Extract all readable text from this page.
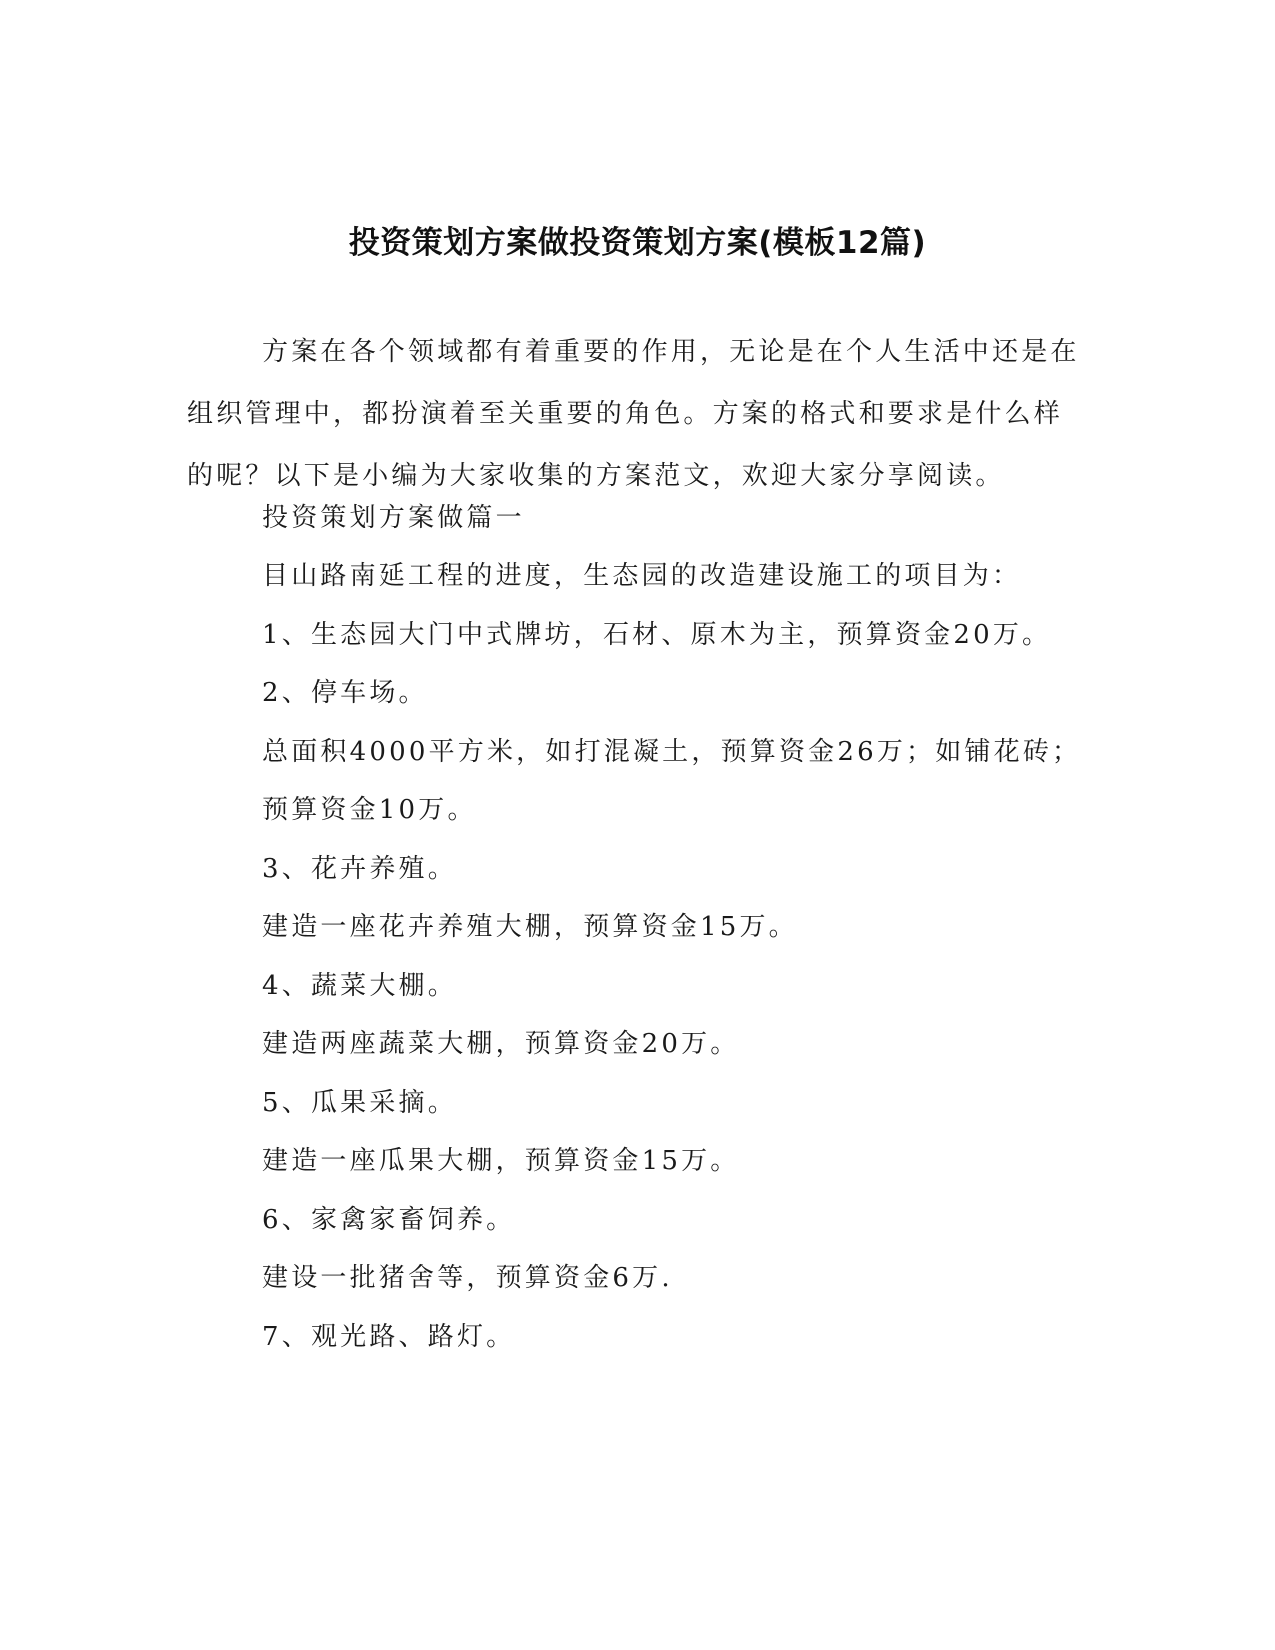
投资策划方案做投资策划方案(模板12篇)

方案在各个领域都有着重要的作用，无论是在个人生活中还是在组织管理中，都扮演着至关重要的角色。方案的格式和要求是什么样的呢？以下是小编为大家收集的方案范文，欢迎大家分享阅读。

投资策划方案做篇一

目山路南延工程的进度，生态园的改造建设施工的项目为：

1、生态园大门中式牌坊，石材、原木为主，预算资金20万。

2、停车场。

总面积4000平方米，如打混凝土，预算资金26万；如铺花砖；

预算资金10万。

3、花卉养殖。

建造一座花卉养殖大棚，预算资金15万。

4、蔬菜大棚。

建造两座蔬菜大棚，预算资金20万。

5、瓜果采摘。

建造一座瓜果大棚，预算资金15万。

6、家禽家畜饲养。

建设一批猪舍等，预算资金6万.

7、观光路、路灯。
